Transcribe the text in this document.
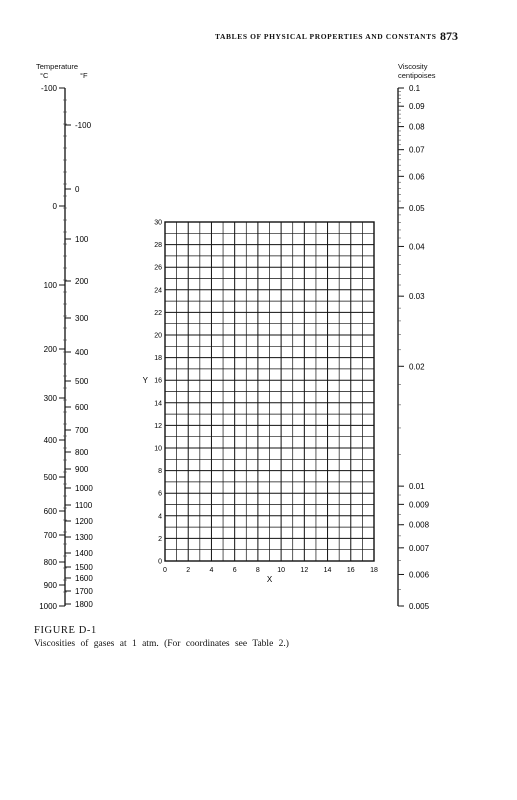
TABLES OF PHYSICAL PROPERTIES AND CONSTANTS 873
Temperature
°C	°F
Viscosity
centipoises
-100
0
100
200
300
400
500
600
700
800
900
1000
-100
0
100
200
300
400
500
600
700
800
900
1000
1100
1200
1300
1400
1500
1600
1700
1800
0.1
0.09
0.08
0.07
0.06
0.05
0.04
0.03
0.02
0.01
0.009
0.008
0.007
0.006
0.005
0	2	4	6	8 10 12 14 16 18
0
2
4
6
8
10
12
14
16
18
20
22
24
26
28
30
X
Y
FIGURE D-1
Viscosities of gases at 1 atm. (For coordinates see Table 2.)
